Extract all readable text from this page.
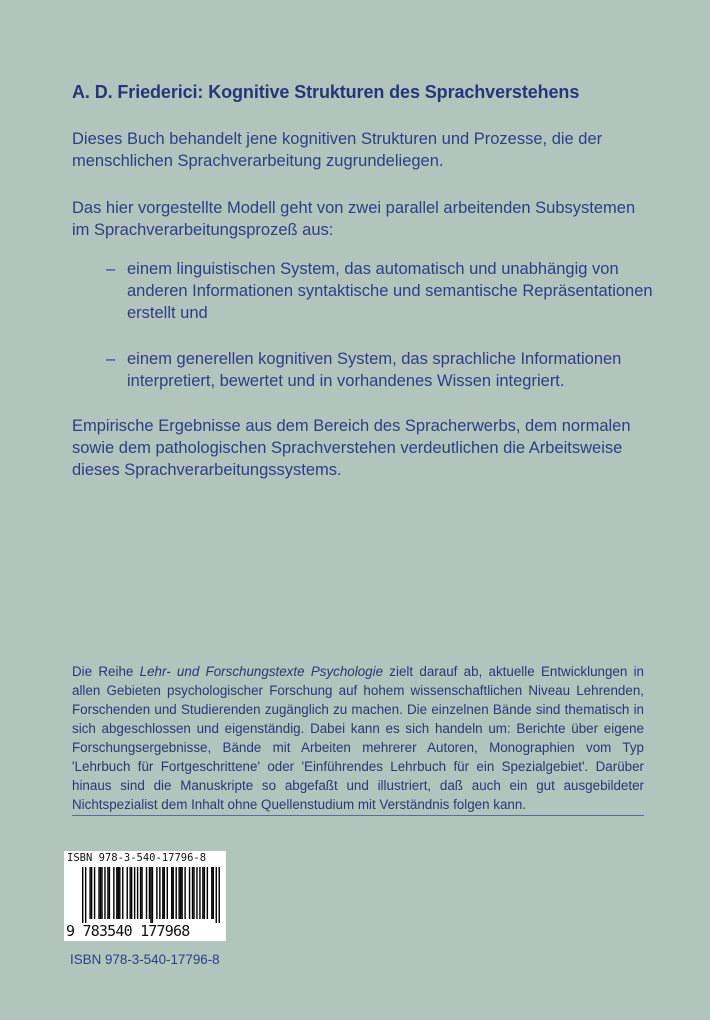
A. D. Friederici: Kognitive Strukturen des Sprachverstehens

Dieses Buch behandelt jene kognitiven Strukturen und Prozesse, die der menschlichen Sprachverarbeitung zugrundeliegen.

Das hier vorgestellte Modell geht von zwei parallel arbeitenden Subsystemen im Sprachverarbeitungsprozeß aus:

– einem linguistischen System, das automatisch und unabhängig von anderen Informationen syntaktische und semantische Repräsentationen erstellt und
– einem generellen kognitiven System, das sprachliche Informationen interpretiert, bewertet und in vorhandenes Wissen integriert.

Empirische Ergebnisse aus dem Bereich des Spracherwerbs, dem normalen sowie dem pathologischen Sprachverstehen verdeutlichen die Arbeitsweise dieses Sprachverarbeitungssystems.

Die Reihe Lehr- und Forschungstexte Psychologie zielt darauf ab, aktuelle Entwicklungen in allen Gebieten psychologischer Forschung auf hohem wissenschaftlichen Niveau Lehrenden, Forschenden und Studierenden zugänglich zu machen. Die einzelnen Bände sind thematisch in sich abgeschlossen und eigenständig. Dabei kann es sich handeln um: Berichte über eigene Forschungsergebnisse, Bände mit Arbeiten mehrerer Autoren, Monographien vom Typ 'Lehrbuch für Fortgeschrittene' oder 'Einführendes Lehrbuch für ein Spezialgebiet'. Darüber hinaus sind die Manuskripte so abgefaßt und illustriert, daß auch ein gut ausgebildeter Nichtspezialist dem Inhalt ohne Quellenstudium mit Verständnis folgen kann.

ISBN 978-3-540-17796-8
9 783540 177968
ISBN 978-3-540-17796-8
